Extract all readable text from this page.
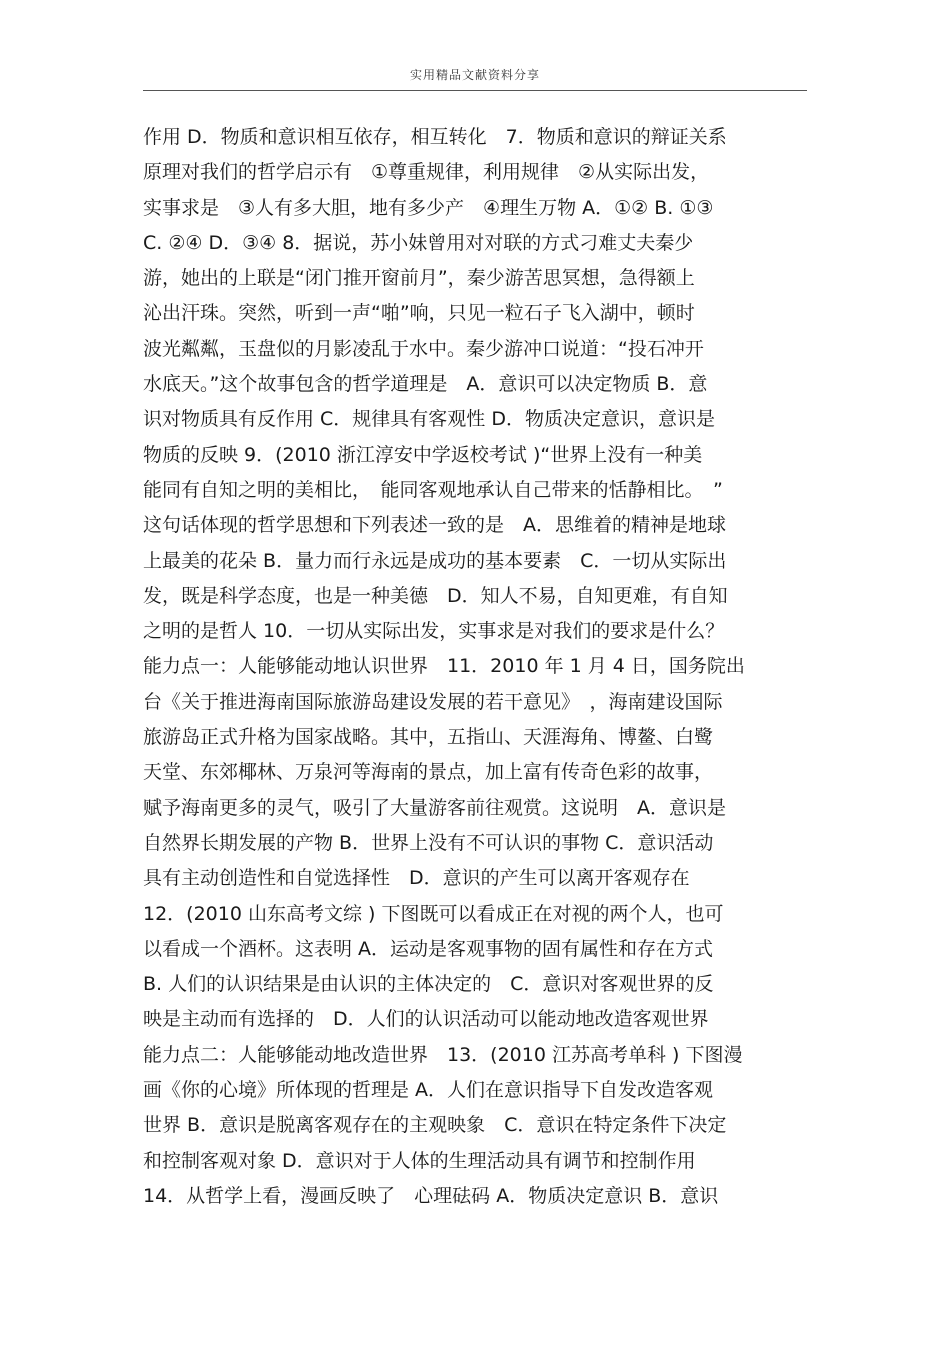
实用精品文献资料分享
作用 D．物质和意识相互依存，相互转化　7．物质和意识的辩证关系
原理对我们的哲学启示有　①尊重规律，利用规律　②从实际出发，
实事求是　③人有多大胆，地有多少产　④理生万物 A．①② B. ①③
C. ②④ D．③④ 8．据说，苏小妹曾用对对联的方式刁难丈夫秦少
游，她出的上联是“闭门推开窗前月”，秦少游苦思冥想，急得额上
沁出汗珠。突然，听到一声“啪”响，只见一粒石子飞入湖中，顿时
波光粼粼，玉盘似的月影凌乱于水中。秦少游冲口说道：“投石冲开
水底天。”这个故事包含的哲学道理是　A．意识可以决定物质 B．意
识对物质具有反作用 C．规律具有客观性 D．物质决定意识，意识是
物质的反映 9．(2010 浙江淳安中学返校考试 )“世界上没有一种美
能同有自知之明的美相比，　能同客观地承认自己带来的恬静相比。　”
这句话体现的哲学思想和下列表述一致的是　A．思维着的精神是地球
上最美的花朵 B．量力而行永远是成功的基本要素　C．一切从实际出
发，既是科学态度，也是一种美德　D．知人不易，自知更难，有自知
之明的是哲人 10．一切从实际出发，实事求是对我们的要求是什么？
能力点一：人能够能动地认识世界　11．2010 年 1 月 4 日，国务院出
台《关于推进海南国际旅游岛建设发展的若干意见》　，海南建设国际
旅游岛正式升格为国家战略。其中，五指山、天涯海角、博鳌、白鹭
天堂、东郊椰林、万泉河等海南的景点，加上富有传奇色彩的故事，
赋予海南更多的灵气，吸引了大量游客前往观赏。这说明　A．意识是
自然界长期发展的产物 B．世界上没有不可认识的事物 C．意识活动
具有主动创造性和自觉选择性　D．意识的产生可以离开客观存在
12．(2010 山东高考文综 ) 下图既可以看成正在对视的两个人，也可
以看成一个酒杯。这表明 A．运动是客观事物的固有属性和存在方式
B. 人们的认识结果是由认识的主体决定的　C．意识对客观世界的反
映是主动而有选择的　D．人们的认识活动可以能动地改造客观世界
能力点二：人能够能动地改造世界　13．(2010 江苏高考单科 ) 下图漫
画《你的心境》所体现的哲理是 A．人们在意识指导下自发改造客观
世界 B．意识是脱离客观存在的主观映象　C．意识在特定条件下决定
和控制客观对象 D．意识对于人体的生理活动具有调节和控制作用
14．从哲学上看，漫画反映了　心理砝码 A．物质决定意识 B．意识
